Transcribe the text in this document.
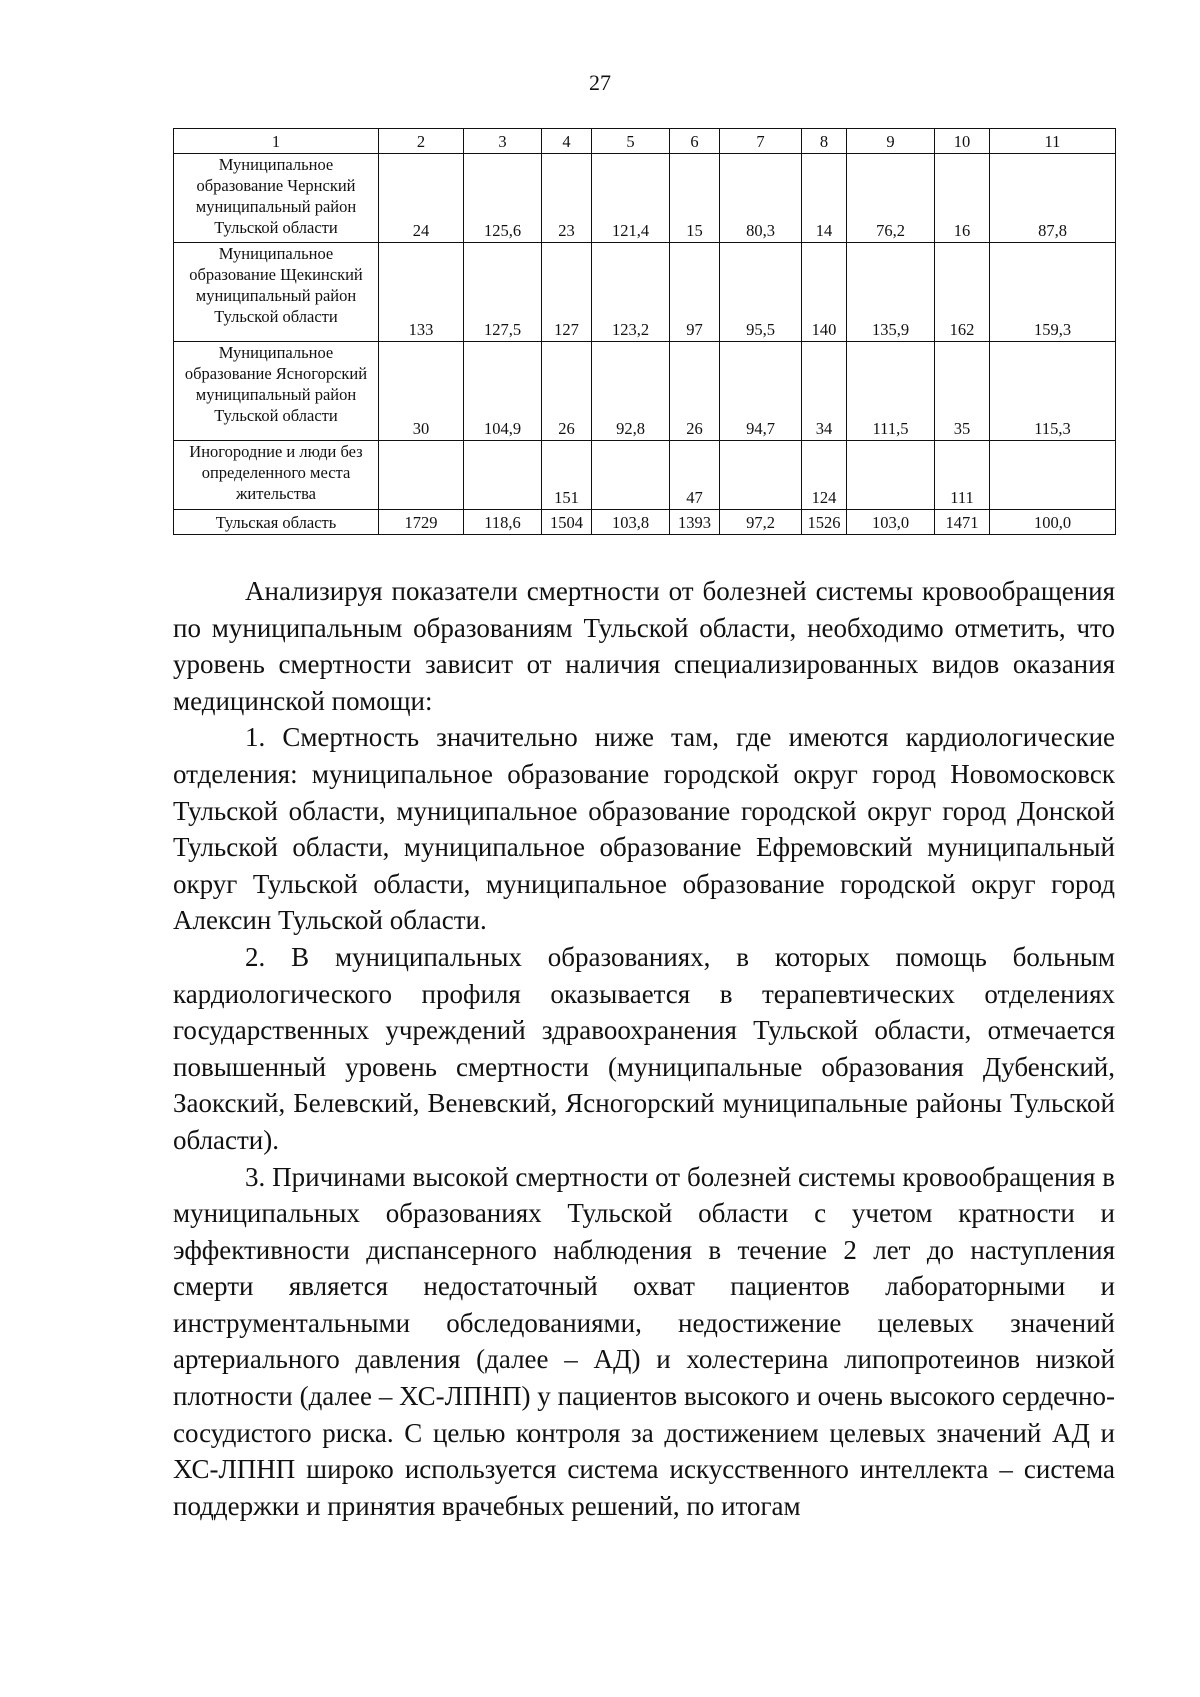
27
1	2	3	4	5	6	7	8	9	10	11
Муниципальное образование Чернский муниципальный район Тульской области	24	125,6	23	121,4	15	80,3	14	76,2	16	87,8
Муниципальное образование Щекинский муниципальный район Тульской области	133	127,5	127	123,2	97	95,5	140	135,9	162	159,3
Муниципальное образование Ясногорский муниципальный район Тульской области	30	104,9	26	92,8	26	94,7	34	111,5	35	115,3
Иногородние и люди без определенного места жительства			151		47		124		111	
Тульская область	1729	118,6	1504	103,8	1393	97,2	1526	103,0	1471	100,0

Анализируя показатели смертности от болезней системы кровообращения по муниципальным образованиям Тульской области, необходимо отметить, что уровень смертности зависит от наличия специализированных видов оказания медицинской помощи:

1. Смертность значительно ниже там, где имеются кардиологические отделения: муниципальное образование городской округ город Новомосковск Тульской области, муниципальное образование городской округ город Донской Тульской области, муниципальное образование Ефремовский муниципальный округ Тульской области, муниципальное образование городской округ город Алексин Тульской области.

2. В муниципальных образованиях, в которых помощь больным кардиологического профиля оказывается в терапевтических отделениях государственных учреждений здравоохранения Тульской области, отмечается повышенный уровень смертности (муниципальные образования Дубенский, Заокский, Белевский, Веневский, Ясногорский муниципальные районы Тульской области).

3. Причинами высокой смертности от болезней системы кровообращения в муниципальных образованиях Тульской области с учетом кратности и эффективности диспансерного наблюдения в течение 2 лет до наступления смерти является недостаточный охват пациентов лабораторными и инструментальными обследованиями, недостижение целевых значений артериального давления (далее – АД) и холестерина липопротеинов низкой плотности (далее – ХС-ЛПНП) у пациентов высокого и очень высокого сердечно-сосудистого риска. С целью контроля за достижением целевых значений АД и ХС-ЛПНП широко используется система искусственного интеллекта – система поддержки и принятия врачебных решений, по итогам
